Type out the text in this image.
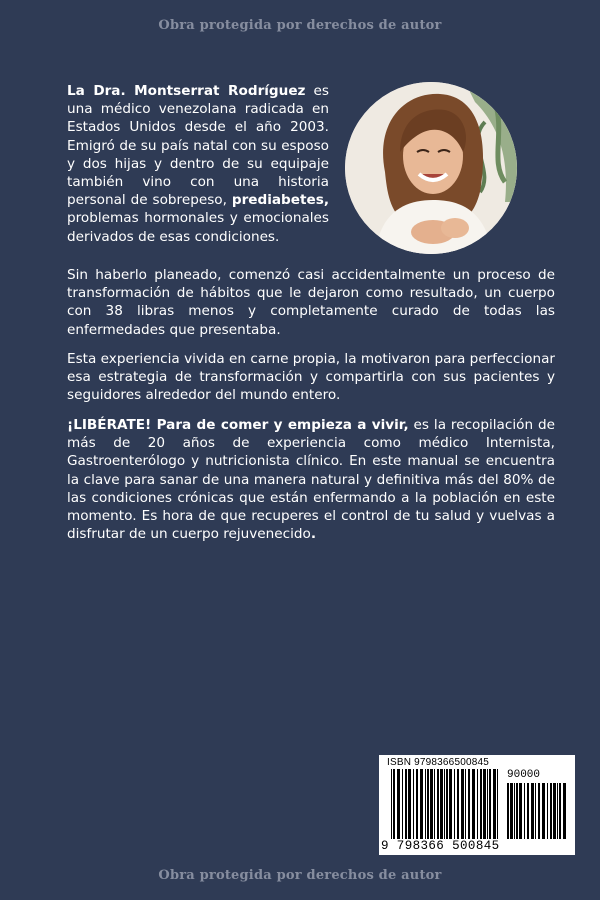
Obra protegida por derechos de autor
La Dra. Montserrat Rodríguez es una médico venezolana radicada en Estados Unidos desde el año 2003. Emigró de su país natal con su esposo y dos hijas y dentro de su equipaje también vino con una historia personal de sobrepeso, prediabetes, problemas hormonales y emocionales derivados de esas condiciones.
Sin haberlo planeado, comenzó casi accidentalmente un proceso de transformación de hábitos que le dejaron como resultado, un cuerpo con 38 libras menos y completamente curado de todas las enfermedades que presentaba.
Esta experiencia vivida en carne propia, la motivaron para perfeccionar esa estrategia de transformación y compartirla con sus pacientes y seguidores alrededor del mundo entero.
¡LIBÉRATE! Para de comer y empieza a vivir, es la recopilación de más de 20 años de experiencia como médico Internista, Gastroenterólogo y nutricionista clínico. En este manual se encuentra la clave para sanar de una manera natural y definitiva más del 80% de las condiciones crónicas que están enfermando a la población en este momento. Es hora de que recuperes el control de tu salud y vuelvas a disfrutar de un cuerpo rejuvenecido.
ISBN 9798366500845
90000
9 798366 500845
Obra protegida por derechos de autor
